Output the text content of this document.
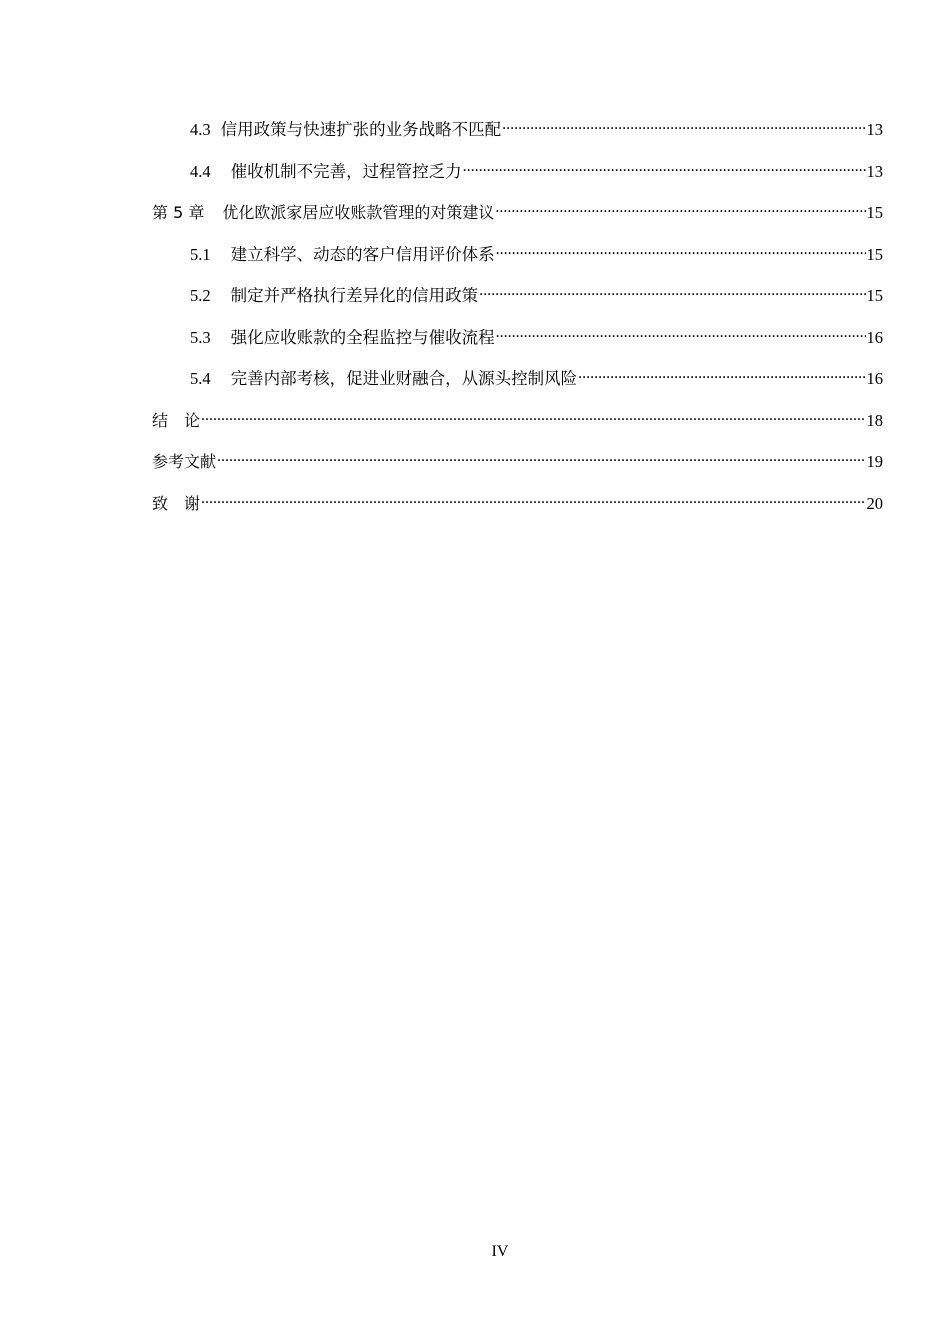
4.3 信用政策与快速扩张的业务战略不匹配 .....	13
4.4 催收机制不完善，过程管控乏力 .....	13
第 5 章 优化欧派家居应收账款管理的对策建议 .....	15
5.1 建立科学、动态的客户信用评价体系 .....	15
5.2 制定并严格执行差异化的信用政策 .....	15
5.3 强化应收账款的全程监控与催收流程 .....	16
5.4 完善内部考核，促进业财融合，从源头控制风险 .....	16
结　论 .....	18
参考文献 .....	19
致　谢 .....	20
IV
